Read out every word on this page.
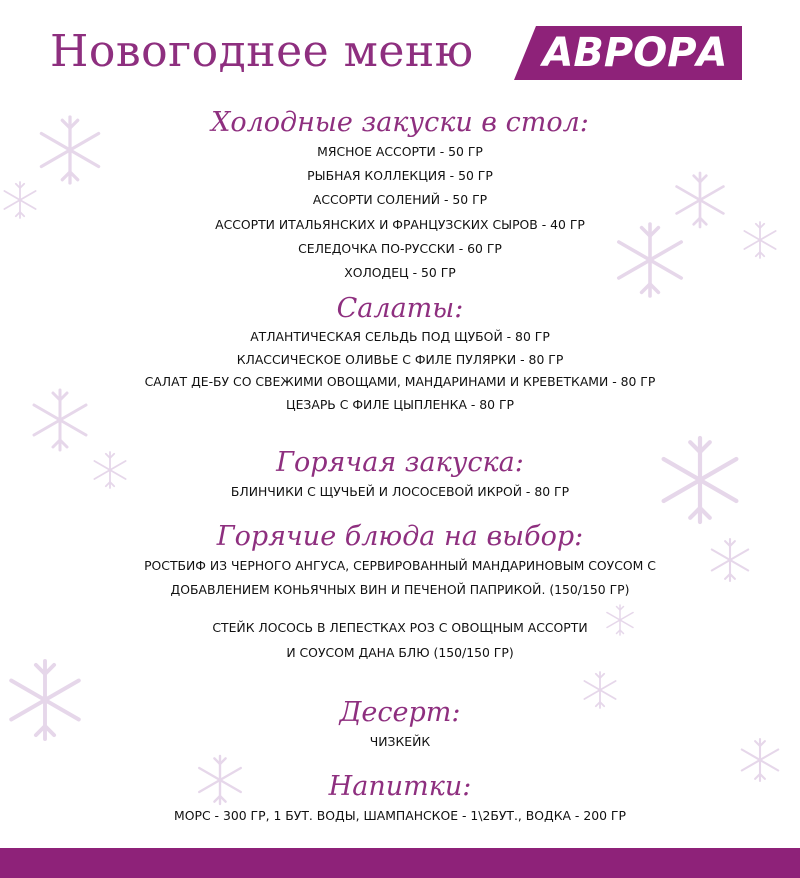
Новогоднее меню	АВРОРА
Холодные закуски в стол:
МЯСНОЕ АССОРТИ - 50 ГР
РЫБНАЯ КОЛЛЕКЦИЯ - 50 ГР
АССОРТИ СОЛЕНИЙ - 50 ГР
АССОРТИ ИТАЛЬЯНСКИХ И ФРАНЦУЗСКИХ СЫРОВ - 40 ГР
СЕЛЕДОЧКА ПО-РУССКИ - 60 ГР
ХОЛОДЕЦ - 50 ГР
Салаты:
АТЛАНТИЧЕСКАЯ СЕЛЬДЬ ПОД ЩУБОЙ - 80 ГР
КЛАССИЧЕСКОЕ ОЛИВЬЕ С ФИЛЕ ПУЛЯРКИ - 80 ГР
САЛАТ ДЕ-БУ СО СВЕЖИМИ ОВОЩАМИ, МАНДАРИНАМИ И КРЕВЕТКАМИ - 80 ГР
ЦЕЗАРЬ С ФИЛЕ ЦЫПЛЕНКА - 80 ГР
Горячая закуска:
БЛИНЧИКИ С ЩУЧЬЕЙ И ЛОСОСЕВОЙ ИКРОЙ - 80 ГР
Горячие блюда на выбор:
РОСТБИФ ИЗ ЧЕРНОГО АНГУСА, СЕРВИРОВАННЫЙ МАНДАРИНОВЫМ СОУСОМ С
ДОБАВЛЕНИЕМ КОНЬЯЧНЫХ ВИН И ПЕЧЕНОЙ ПАПРИКОЙ. (150/150 ГР)
СТЕЙК ЛОСОСЬ В ЛЕПЕСТКАХ РОЗ С ОВОЩНЫМ АССОРТИ
И СОУСОМ ДАНА БЛЮ (150/150 ГР)
Десерт:
ЧИЗКЕЙК
Напитки:
МОРС - 300 ГР, 1 БУТ. ВОДЫ, ШАМПАНСКОЕ - 1\2БУТ., ВОДКА - 200 ГР
